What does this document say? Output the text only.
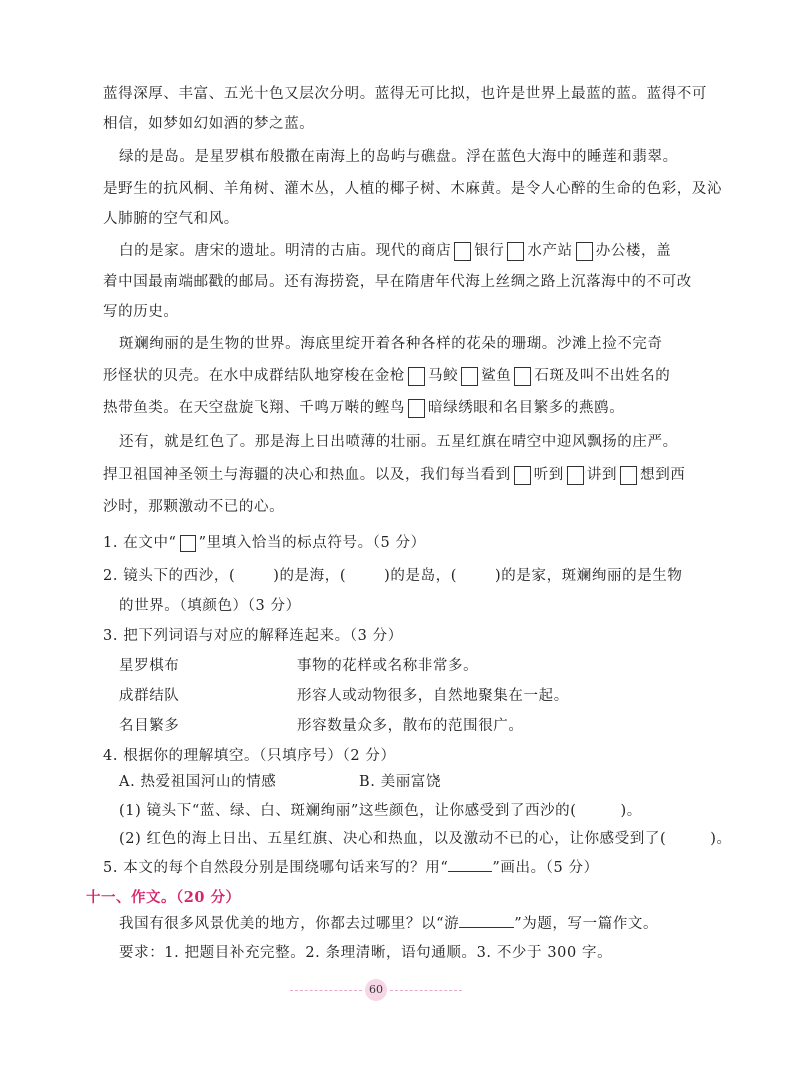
蓝得深厚、丰富、五光十色又层次分明。蓝得无可比拟，也许是世界上最蓝的蓝。蓝得不可
相信，如梦如幻如酒的梦之蓝。
绿的是岛。是星罗棋布般撒在南海上的岛屿与礁盘。浮在蓝色大海中的睡莲和翡翠。
是野生的抗风桐、羊角树、灌木丛，人植的椰子树、木麻黄。是令人心醉的生命的色彩，及沁
人肺腑的空气和风。
白的是家。唐宋的遗址。明清的古庙。现代的商店 银行 水产站 办公楼，盖
着中国最南端邮戳的邮局。还有海捞瓷，早在隋唐年代海上丝绸之路上沉落海中的不可改
写的历史。
斑斓绚丽的是生物的世界。海底里绽开着各种各样的花朵的珊瑚。沙滩上捡不完奇
形怪状的贝壳。在水中成群结队地穿梭在金枪 马鲛 鲨鱼 石斑及叫不出姓名的
热带鱼类。在天空盘旋飞翔、千鸣万啭的鲣鸟 暗绿绣眼和名目繁多的燕鸥。
还有，就是红色了。那是海上日出喷薄的壮丽。五星红旗在晴空中迎风飘扬的庄严。
捍卫祖国神圣领土与海疆的决心和热血。以及，我们每当看到 听到 讲到 想到西
沙时，那颗激动不已的心。
1. 在文中“ ”里填入恰当的标点符号。（5 分）
2. 镜头下的西沙，(	)的是海，(	)的是岛，(	)的是家，斑斓绚丽的是生物
的世界。（填颜色）（3 分）
3. 把下列词语与对应的解释连起来。（3 分）
星罗棋布	事物的花样或名称非常多。
成群结队	形容人或动物很多，自然地聚集在一起。
名目繁多	形容数量众多，散布的范围很广。
4. 根据你的理解填空。（只填序号）（2 分）
A. 热爱祖国河山的情感	B. 美丽富饶
(1) 镜头下“蓝、绿、白、斑斓绚丽”这些颜色，让你感受到了西沙的(	)。
(2) 红色的海上日出、五星红旗、决心和热血，以及激动不已的心，让你感受到了(	)。
5. 本文的每个自然段分别是围绕哪句话来写的？用“	”画出。（5 分）
十一、作文。（20 分）
我国有很多风景优美的地方，你都去过哪里？以“游	”为题，写一篇作文。
要求：1. 把题目补充完整。2. 条理清晰，语句通顺。3. 不少于 300 字。
60
